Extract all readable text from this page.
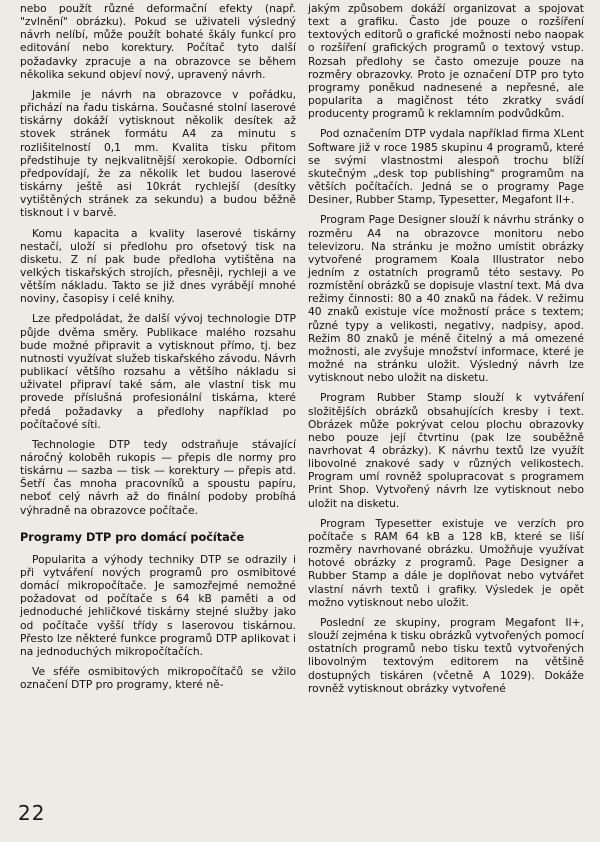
nebo použít různé deformační efekty (např. "zvlnění" obrázku). Pokud se uživateli výsledný návrh nelíbí, může použít bohaté škály funkcí pro editování nebo korektury. Počítač tyto další požadavky zpracuje a na obrazovce se během několika sekund objeví nový, upravený návrh.

Jakmile je návrh na obrazovce v pořádku, přichází na řadu tiskárna. Současné stolní laserové tiskárny dokáží vytisknout několik desítek až stovek stránek formátu A4 za minutu s rozlišitelností 0,1 mm. Kvalita tisku přitom předstihuje ty nejkvalitnější xerokopie. Odborníci předpovídají, že za několik let budou laserové tiskárny ještě asi 10krát rychlejší (desítky vytištěných stránek za sekundu) a budou běžně tisknout i v barvě.

Komu kapacita a kvality laserové tiskárny nestačí, uloží si předlohu pro ofsetový tisk na disketu. Z ní pak bude předloha vytištěna na velkých tiskařských strojích, přesněji, rychleji a ve větším nákladu. Takto se již dnes vyrábějí mnohé noviny, časopisy i celé knihy.

Lze předpoládat, že další vývoj technologie DTP půjde dvěma směry. Publikace malého rozsahu bude možné připravit a vytisknout přímo, tj. bez nutnosti využívat služeb tiskařského závodu. Návrh publikací většího rozsahu a většího nákladu si uživatel připraví také sám, ale vlastní tisk mu provede příslušná profesionální tiskárna, které předá požadavky a předlohy například po počítačové síti.

Technologie DTP tedy odstraňuje stávající náročný koloběh rukopis — přepis dle normy pro tiskárnu — sazba — tisk — korektury — přepis atd. Šetří čas mnoha pracovníků a spoustu papíru, neboť celý návrh až do finální podoby probíhá výhradně na obrazovce počítače.

Programy DTP pro domácí počítače

Popularita a výhody techniky DTP se odrazily i při vytváření nových programů pro osmibitové domácí mikropočítače. Je samozřejmé nemožné požadovat od počítače s 64 kB paměti a od jednoduché jehličkové tiskárny stejné služby jako od počítače vyšší třídy s laserovou tiskárnou. Přesto lze některé funkce programů DTP aplikovat i na jednoduchých mikropočítačích.

Ve sféře osmibitových mikropočítačů se vžilo označení DTP pro programy, které ně-

jakým způsobem dokáží organizovat a spojovat text a grafiku. Často jde pouze o rozšíření textových editorů o grafické možnosti nebo naopak o rozšíření grafických programů o textový vstup. Rozsah předlohy se často omezuje pouze na rozměry obrazovky. Proto je označení DTP pro tyto programy poněkud nadnesené a nepřesné, ale popularita a magičnost této zkratky svádí producenty programů k reklamním podvůdkům.

Pod označením DTP vydala například firma XLent Software již v roce 1985 skupinu 4 programů, které se svými vlastnostmi alespoň trochu blíží skutečným „desk top publishing" programům na větších počítačích. Jedná se o programy Page Desiner, Rubber Stamp, Typesetter, Megafont II+.

Program Page Designer slouží k návrhu stránky o rozměru A4 na obrazovce monitoru nebo televizoru. Na stránku je možno umístit obrázky vytvořené programem Koala Illustrator nebo jedním z ostatních programů této sestavy. Po rozmístění obrázků se dopisuje vlastní text. Má dva režimy činnosti: 80 a 40 znaků na řádek. V režimu 40 znaků existuje více možností práce s textem; různé typy a velikosti, negativy, nadpisy, apod. Režim 80 znaků je méně čitelný a má omezené možnosti, ale zvyšuje množství informace, které je možné na stránku uložit. Výsledný návrh lze vytisknout nebo uložit na disketu.

Program Rubber Stamp slouží k vytváření složitějších obrázků obsahujících kresby i text. Obrázek může pokrývat celou plochu obrazovky nebo pouze její čtvrtinu (pak lze souběžně navrhovat 4 obrázky). K návrhu textů lze využít libovolné znakové sady v různých velikostech. Program umí rovněž spolupracovat s programem Print Shop. Vytvořený návrh lze vytisknout nebo uložit na disketu.

Program Typesetter existuje ve verzích pro počítače s RAM 64 kB a 128 kB, které se liší rozměry navrhované obrázku. Umožňuje využívat hotové obrázky z programů. Page Designer a Rubber Stamp a dále je doplňovat nebo vytvářet vlastní návrh textů i grafiky. Výsledek je opět možno vytisknout nebo uložit.

Poslední ze skupiny, program Megafont II+, slouží zejména k tisku obrázků vytvořených pomocí ostatních programů nebo tisku textů vytvořených libovolným textovým editorem na většině dostupných tiskáren (včetně A 1029). Dokáže rovněž vytisknout obrázky vytvořené

22
